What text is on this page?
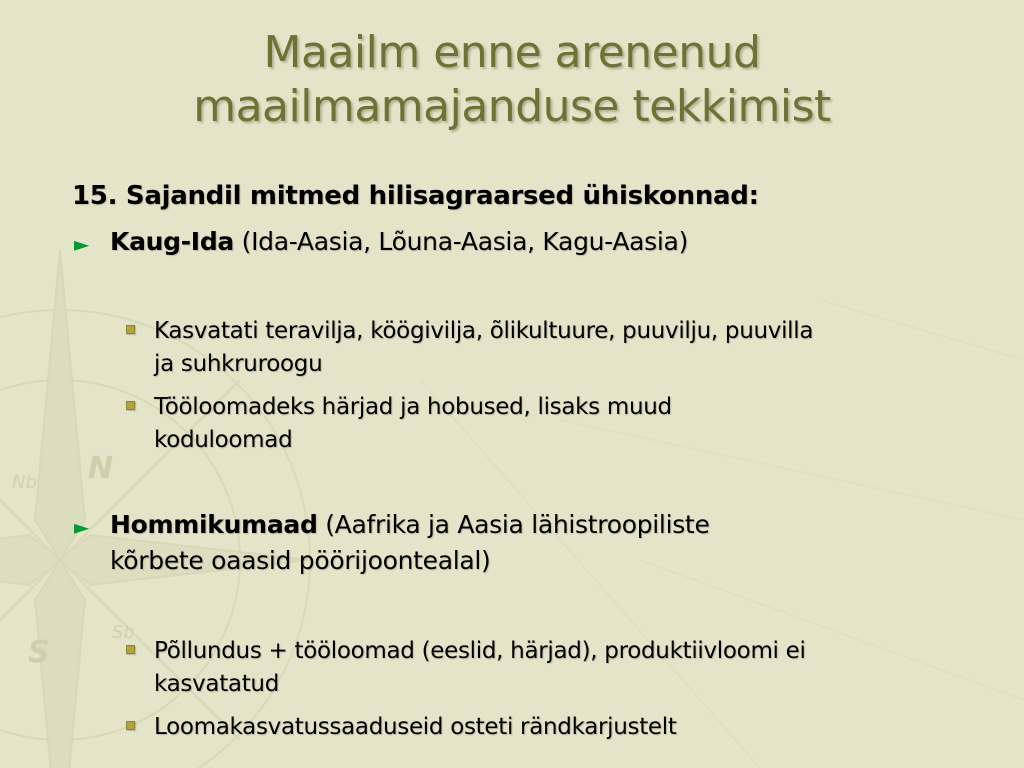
N
S
Nb
Sb
Maailm enne arenenud
maailmamajanduse tekkimist
15. Sajandil mitmed hilisagraarsed ühiskonnad:
► Kaug-Ida (Ida-Aasia, Lõuna-Aasia, Kagu-Aasia)
Kasvatati teravilja, köögivilja, õlikultuure, puuvilju, puuvilla
ja suhkruroogu
Tööloomadeks härjad ja hobused, lisaks muud
koduloomad
► Hommikumaad (Aafrika ja Aasia lähistroopiliste
kõrbete oaasid pöörijoontealal)
Põllundus + tööloomad (eeslid, härjad), produktiivloomi ei
kasvatatud
Loomakasvatussaaduseid osteti rändkarjustelt
